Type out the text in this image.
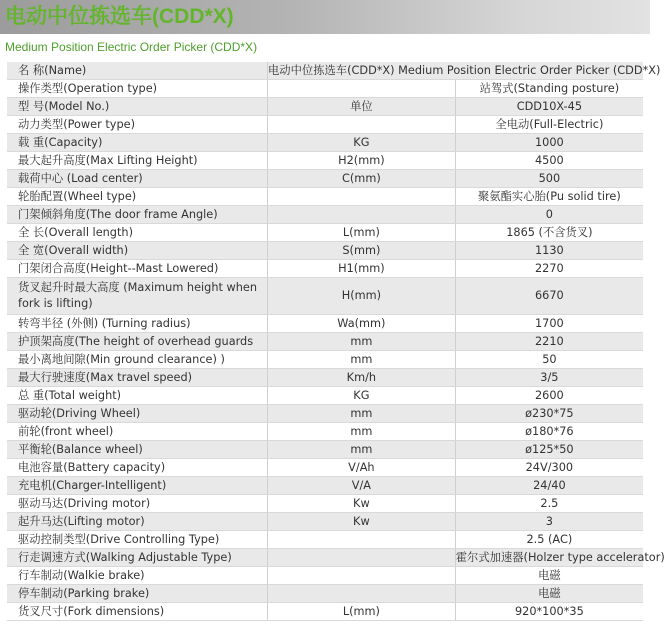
电动中位拣选车(CDD*X)
Medium Position Electric Order Picker (CDD*X)
名 称(Name)	电动中位拣选车(CDD*X) Medium Position Electric Order Picker (CDD*X)	
操作类型(Operation type)		站驾式(Standing posture)
型 号(Model No.)	单位	CDD10X-45
动力类型(Power type)		全电动(Full-Electric)
载 重(Capacity)	KG	1000
最大起升高度(Max Lifting Height)	H2(mm)	4500
载荷中心 (Load center)	C(mm)	500
轮胎配置(Wheel type)		聚氨酯实心胎(Pu solid tire)
门架倾斜角度(The door frame Angle)		0
全 长(Overall length)	L(mm)	1865 (不含货叉)
全 宽(Overall width)	S(mm)	1130
门架闭合高度(Height--Mast Lowered)	H1(mm)	2270
货叉起升时最大高度 (Maximum height when fork is lifting)	H(mm)	6670
转弯半径 (外侧) (Turning radius)	Wa(mm)	1700
护顶架高度(The height of overhead guards	mm	2210
最小离地间隙(Min ground clearance) )	mm	50
最大行驶速度(Max travel speed)	Km/h	3/5
总 重(Total weight)	KG	2600
驱动轮(Driving Wheel)	mm	ø230*75
前轮(front wheel)	mm	ø180*76
平衡轮(Balance wheel)	mm	ø125*50
电池容量(Battery capacity)	V/Ah	24V/300
充电机(Charger-Intelligent)	V/A	24/40
驱动马达(Driving motor)	Kw	2.5
起升马达(Lifting motor)	Kw	3
驱动控制类型(Drive Controlling Type)		2.5 (AC)
行走调速方式(Walking Adjustable Type)		霍尔式加速器(Holzer type accelerator)
行车制动(Walkie brake)		电磁
停车制动(Parking brake)		电磁
货叉尺寸(Fork dimensions)	L(mm)	920*100*35
